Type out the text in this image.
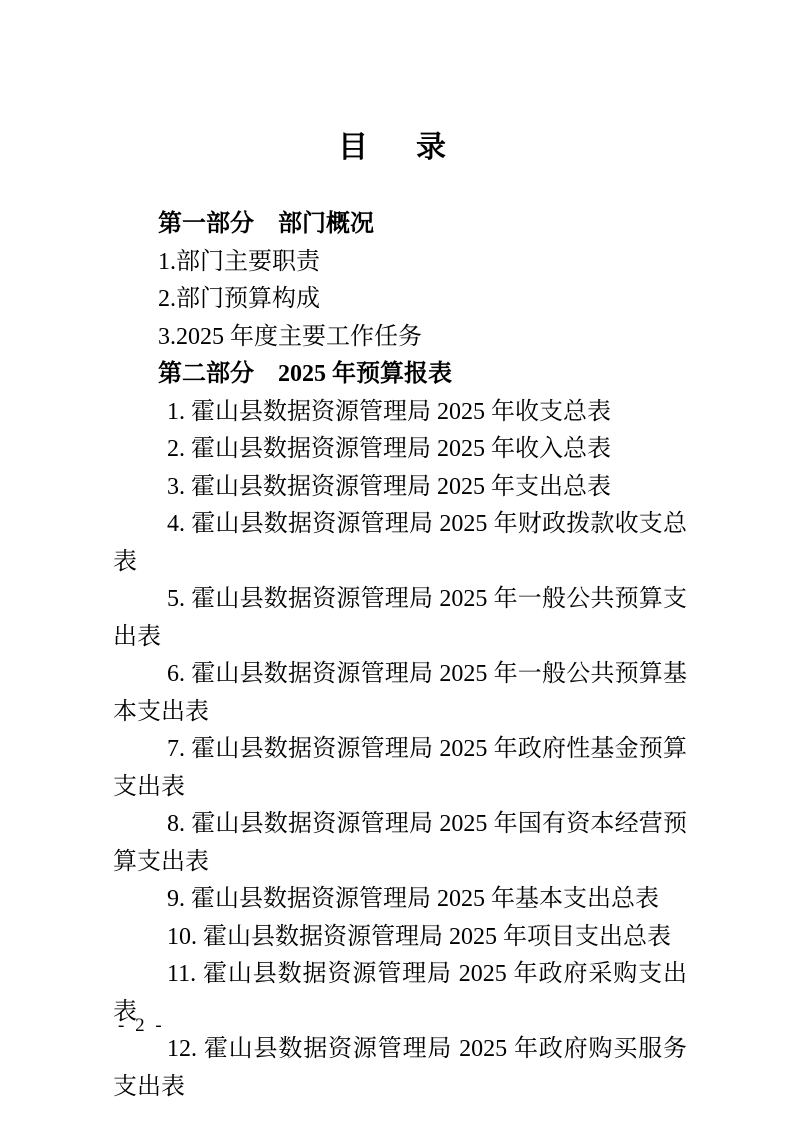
目　录

第一部分　部门概况

1.部门主要职责

2.部门预算构成

3.2025 年度主要工作任务

第二部分　2025 年预算报表

1. 霍山县数据资源管理局 2025 年收支总表

2. 霍山县数据资源管理局 2025 年收入总表

3. 霍山县数据资源管理局 2025 年支出总表

4. 霍山县数据资源管理局 2025 年财政拨款收支总表

5. 霍山县数据资源管理局 2025 年一般公共预算支出表

6. 霍山县数据资源管理局 2025 年一般公共预算基本支出表

7. 霍山县数据资源管理局 2025 年政府性基金预算支出表

8. 霍山县数据资源管理局 2025 年国有资本经营预算支出表

9. 霍山县数据资源管理局 2025 年基本支出总表

10. 霍山县数据资源管理局 2025 年项目支出总表

11. 霍山县数据资源管理局 2025 年政府采购支出表

12. 霍山县数据资源管理局 2025 年政府购买服务支出表

- 2 -
